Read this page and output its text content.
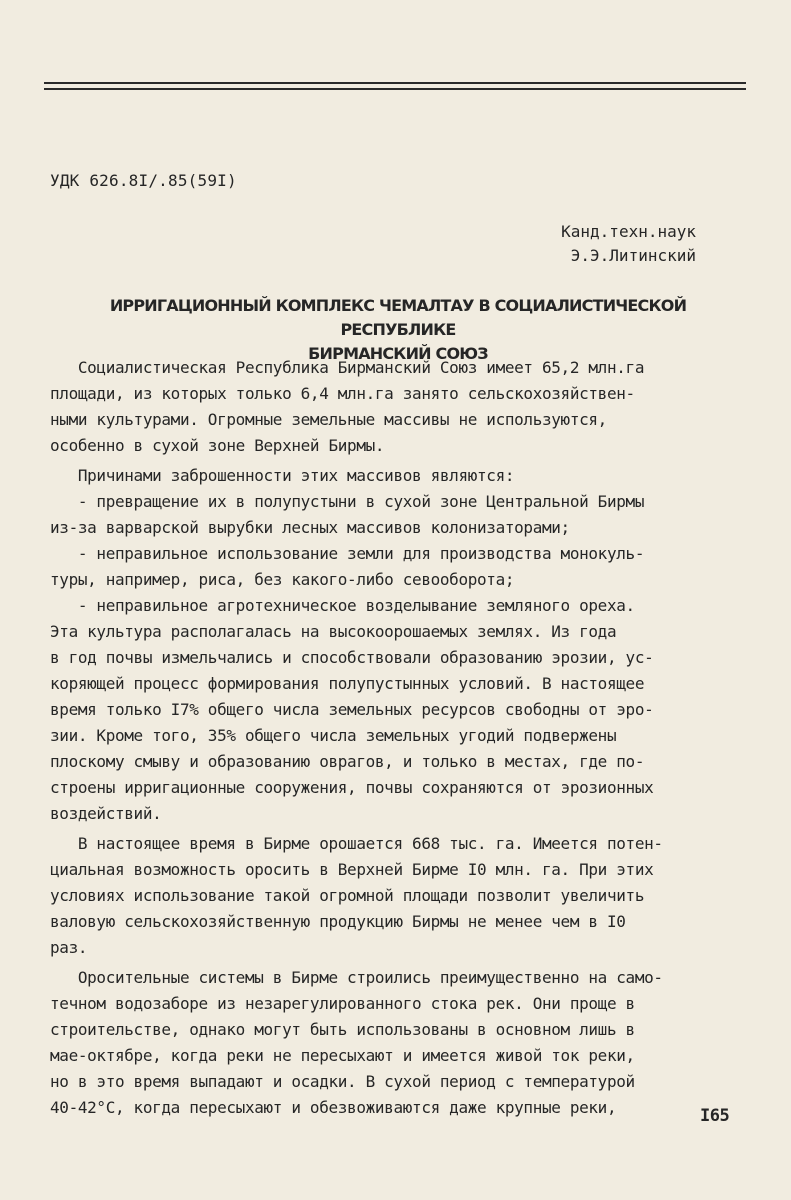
УДК 626.8I/.85(59I)
Канд.техн.наук
Э.Э.Литинский
ИРРИГАЦИОННЫЙ КОМПЛЕКС ЧЕМАЛТАУ В СОЦИАЛИСТИЧЕСКОЙ РЕСПУБЛИКЕ
БИРМАНСКИЙ СОЮЗ
Социалистическая Республика Бирманский Союз имеет 65,2 млн.га
площади, из которых только 6,4 млн.га занято сельскохозяйствен-
ными культурами. Огромные земельные массивы не используются,
особенно в сухой зоне Верхней Бирмы.
Причинами заброшенности этих массивов являются:
- превращение их в полупустыни в сухой зоне Центральной Бирмы
из-за варварской вырубки лесных массивов колонизаторами;
- неправильное использование земли для производства монокуль-
туры, например, риса, без какого-либо севооборота;
- неправильное агротехническое возделывание земляного ореха.
Эта культура располагалась на высокоорошаемых землях. Из года
в год почвы измельчались и способствовали образованию эрозии, ус-
коряющей процесс формирования полупустынных условий. В настоящее
время только I7% общего числа земельных ресурсов свободны от эро-
зии. Кроме того, 35% общего числа земельных угодий подвержены
плоскому смыву и образованию оврагов, и только в местах, где по-
строены ирригационные сооружения, почвы сохраняются от эрозионных
воздействий.
В настоящее время в Бирме орошается 668 тыс. га. Имеется потен-
циальная возможность оросить в Верхней Бирме I0 млн. га. При этих
условиях использование такой огромной площади позволит увеличить
валовую сельскохозяйственную продукцию Бирмы не менее чем в I0
раз.
Оросительные системы в Бирме строились преимущественно на само-
течном водозаборе из незарегулированного стока рек. Они проще в
строительстве, однако могут быть использованы в основном лишь в
мае-октябре, когда реки не пересыхают и имеется живой ток реки,
но в это время выпадают и осадки. В сухой период с температурой
40-42°С, когда пересыхают и обезвоживаются даже крупные реки,	I65
